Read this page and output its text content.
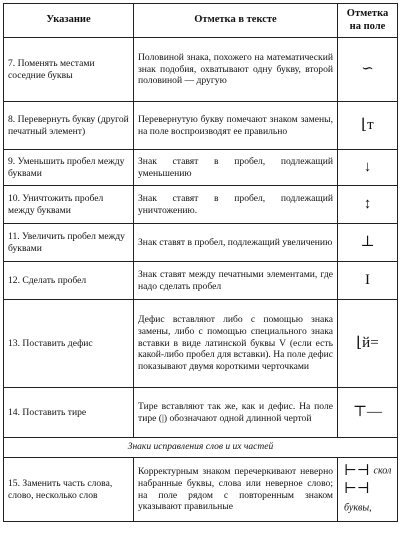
Указание	Отметка в тексте	Отметка на поле
7. Поменять местами соседние буквы	Половиной знака, похожего на математический знак подобия, охватывают одну букву, второй половиной — другую	∽
8. Перевернуть букву (другой печатный элемент)	Перевернутую букву помечают знаком замены, на поле воспроизводят ее правильно	⌊т
9. Уменьшить пробел между буквами	Знак ставят в пробел, подлежащий уменьшению	↓
10. Уничтожить пробел между буквами	Знак ставят в пробел, подлежащий уничтожению.	↕
11. Увеличить пробел между буквами	Знак ставят в пробел, подлежащий увеличению	⊥
12. Сделать пробел	Знак ставят между печатными элементами, где надо сделать пробел	I
13. Поставить дефис	Дефис вставляют либо с помощью знака замены, либо с помощью специального знака вставки в виде латинской буквы V (если есть какой-либо пробел для вставки). На поле дефис показывают двумя короткими черточками	⌊й=
14. Поставить тире	Тире вставляют так же, как и дефис. На поле тире (|) обозначают одной длинной чертой	⊤—
Знаки исправления слов и их частей		
15. Заменить часть слова, слово, несколько слов	Корректурным знаком перечеркивают неверно набранные буквы, слова или неверное слово; на поле рядом с повторенным знаком указывают правильные	⊢⊣ скол
⊢⊣ буквы,
